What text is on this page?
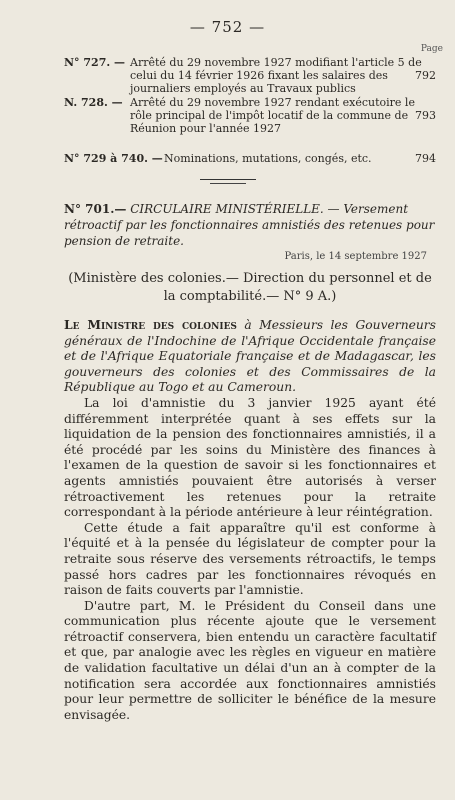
— 752 —
Page
N° 727. — Arrêté du 29 novembre 1927 modifiant l'article 5 de celui du 14 février 1926 fixant les salaires des journaliers employés au Travaux publics
792
N. 728. — Arrêté du 29 novembre 1927 rendant exécutoire le rôle principal de l'impôt locatif de la commune de Réunion pour l'année 1927
793
N° 729 à 740. — Nominations, mutations, congés, etc.	794
N° 701.— CIRCULAIRE MINISTÉRIELLE. — Versement rétroactif par les fonctionnaires amnistiés des retenues pour pension de retraite.
Paris, le 14 septembre 1927
(Ministère des colonies.— Direction du personnel et de la comptabilité.— N° 9 A.)

Le Ministre des colonies à Messieurs les Gouverneurs généraux de l'Indochine de l'Afrique Occidentale française et de l'Afrique Equatoriale française et de Madagascar, les gouverneurs des colonies et des Commissaires de la République au Togo et au Cameroun.

La loi d'amnistie du 3 janvier 1925 ayant été différemment interprétée quant à ses effets sur la liquidation de la pension des fonctionnaires amnistiés, il a été procédé par les soins du Ministère des finances à l'examen de la question de savoir si les fonctionnaires et agents amnistiés pouvaient être autorisés à verser rétroactivement les retenues pour la retraite correspondant à la période antérieure à leur réintégration.

Cette étude a fait apparaître qu'il est conforme à l'équité et à la pensée du législateur de compter pour la retraite sous réserve des versements rétroactifs, le temps passé hors cadres par les fonctionnaires révoqués en raison de faits couverts par l'amnistie.

D'autre part, M. le Président du Conseil dans une communication plus récente ajoute que le versement rétroactif conservera, bien entendu un caractère facultatif et que, par analogie avec les règles en vigueur en matière de validation facultative un délai d'un an à compter de la notification sera accordée aux fonctionnaires amnistiés pour leur permettre de solliciter le bénéfice de la mesure envisagée.
